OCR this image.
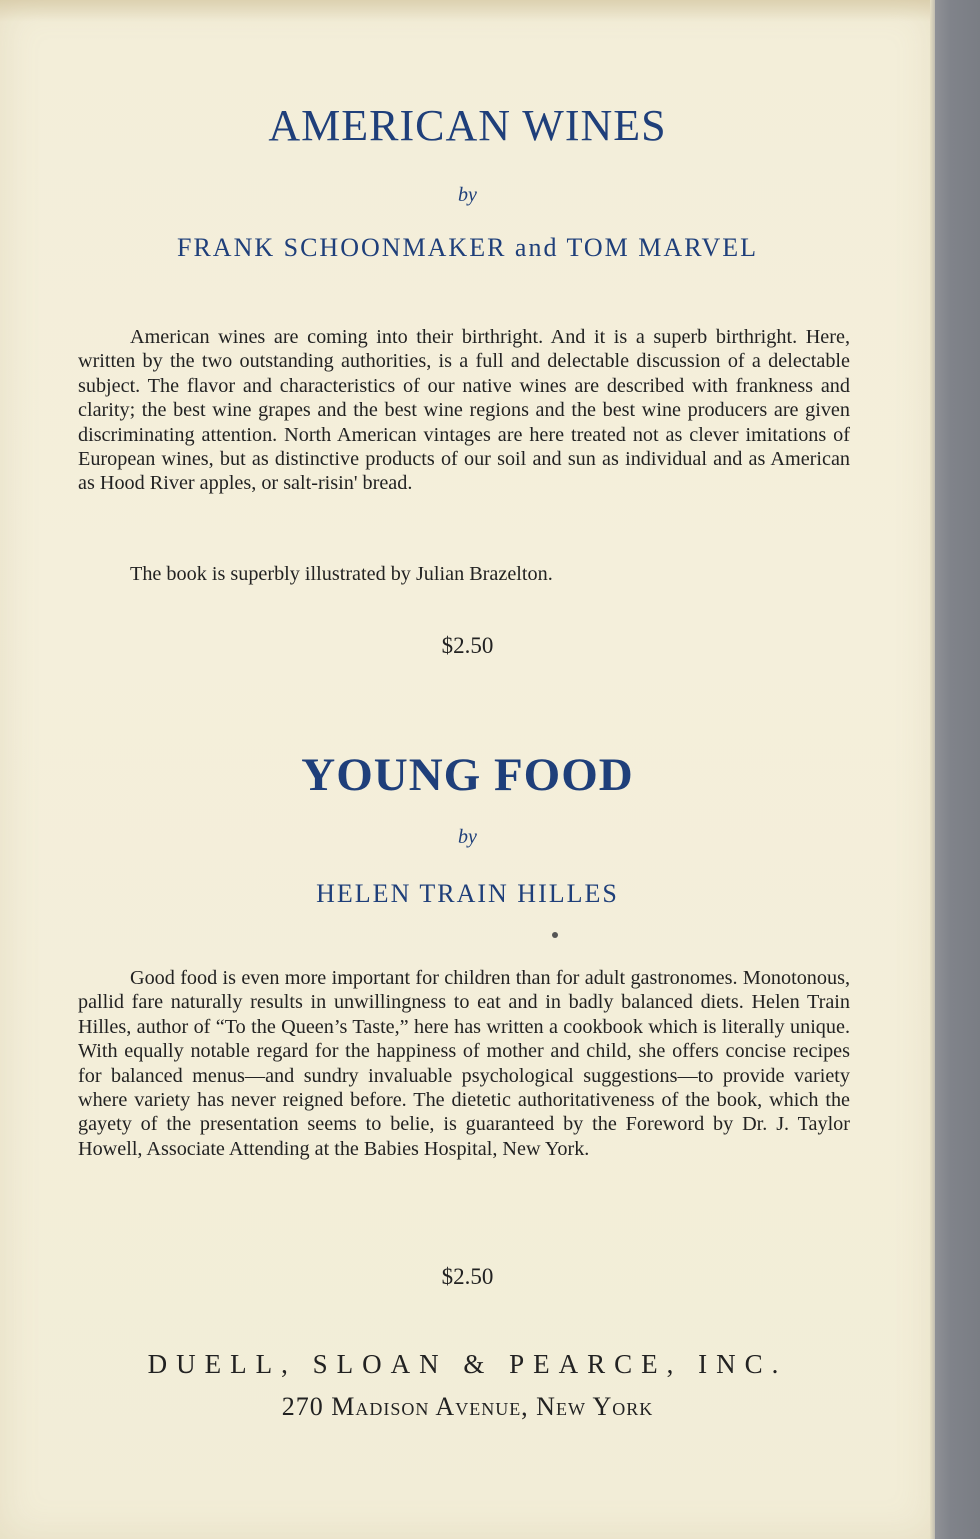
AMERICAN WINES
by
FRANK SCHOONMAKER and TOM MARVEL
American wines are coming into their birthright. And it is a superb birthright. Here, written by the two outstanding authorities, is a full and delectable discussion of a delectable subject. The flavor and characteristics of our native wines are described with frankness and clarity; the best wine grapes and the best wine regions and the best wine producers are given discriminating attention. North American vintages are here treated not as clever imitations of European wines, but as distinctive products of our soil and sun as individual and as American as Hood River apples, or salt-risin' bread.
The book is superbly illustrated by Julian Brazelton.
$2.50
YOUNG FOOD
by
HELEN TRAIN HILLES
Good food is even more important for children than for adult gastronomes. Monotonous, pallid fare naturally results in unwillingness to eat and in badly balanced diets. Helen Train Hilles, author of “To the Queen’s Taste,” here has written a cookbook which is literally unique. With equally notable regard for the happiness of mother and child, she offers concise recipes for balanced menus—and sundry invaluable psychological suggestions—to provide variety where variety has never reigned before. The dietetic authoritativeness of the book, which the gayety of the presentation seems to belie, is guaranteed by the Foreword by Dr. J. Taylor Howell, Associate Attending at the Babies Hospital, New York.
$2.50
DUELL, SLOAN & PEARCE, INC.
270 Madison Avenue, New York
